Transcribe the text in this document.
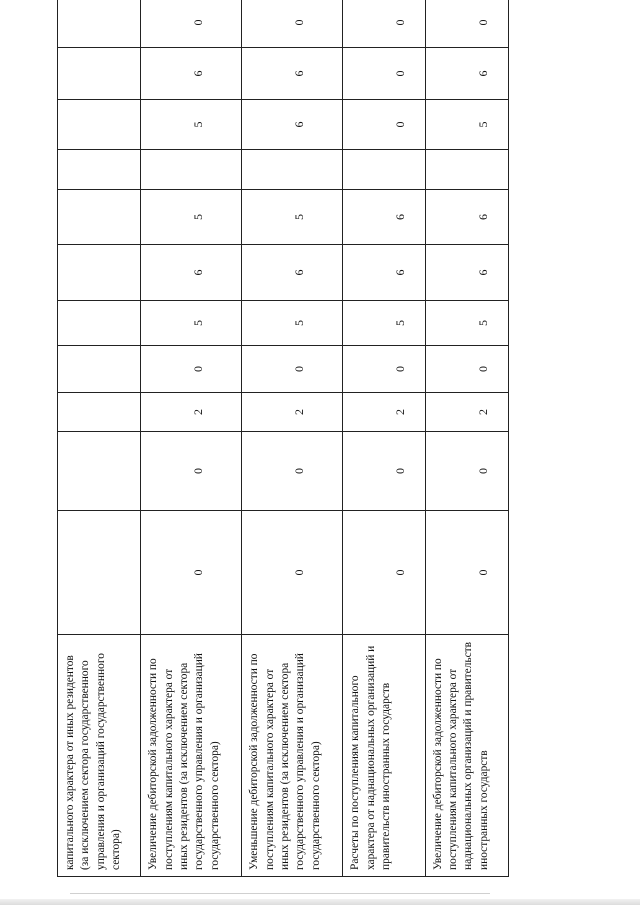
капитального характера от иных резидентов (за исключением сектора государственного управления и организаций государственного сектора)											
Увеличение дебиторской задолженности по поступлениям капитального характера от иных резидентов (за исключением сектора государственного управления и организаций государственного сектора)	0	0	2	0	5	6	5		5	6	0
Уменьшение дебиторской задолженности по поступлениям капитального характера от иных резидентов (за исключением сектора государственного управления и организаций государственного сектора)	0	0	2	0	5	6	5		6	6	0
Расчеты по поступлениям капитального характера от наднациональных организаций и правительств иностранных государств	0	0	2	0	5	6	6		0	0	0
Увеличение дебиторской задолженности по поступлениям капитального характера от наднациональных организаций и правительств иностранных государств	0	0	2	0	5	6	6		5	6	0
